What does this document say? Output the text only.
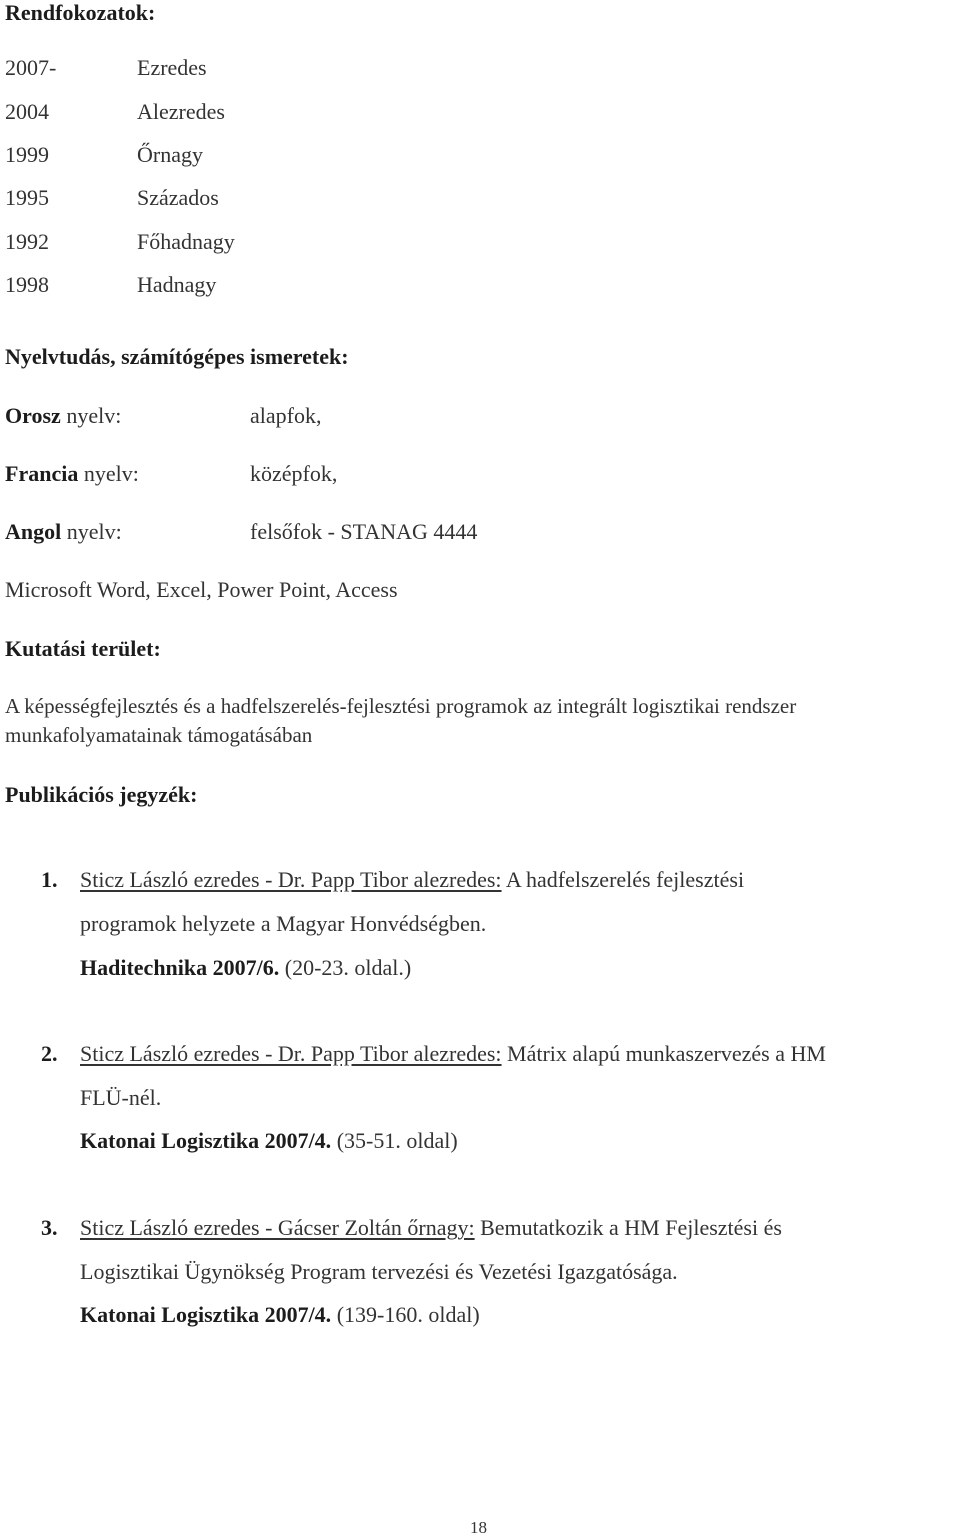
Rendfokozatok:
2007-	Ezredes
2004	Alezredes
1999	Őrnagy
1995	Százados
1992	Főhadnagy
1998	Hadnagy
Nyelvtudás, számítógépes ismeretek:
Orosz nyelv:	alapfok,
Francia nyelv:	középfok,
Angol nyelv:	felsőfok - STANAG 4444
Microsoft Word, Excel, Power Point, Access
Kutatási terület:
A képességfejlesztés és a hadfelszerelés-fejlesztési programok az integrált logisztikai rendszer
munkafolyamatainak támogatásában
Publikációs jegyzék:
1. Sticz László ezredes - Dr. Papp Tibor alezredes: A hadfelszerelés fejlesztési
programok helyzete a Magyar Honvédségben.
Haditechnika 2007/6. (20-23. oldal.)
2. Sticz László ezredes - Dr. Papp Tibor alezredes: Mátrix alapú munkaszervezés a HM
FLÜ-nél.
Katonai Logisztika 2007/4. (35-51. oldal)
3. Sticz László ezredes - Gácser Zoltán őrnagy: Bemutatkozik a HM Fejlesztési és
Logisztikai Ügynökség Program tervezési és Vezetési Igazgatósága.
Katonai Logisztika 2007/4. (139-160. oldal)
18
